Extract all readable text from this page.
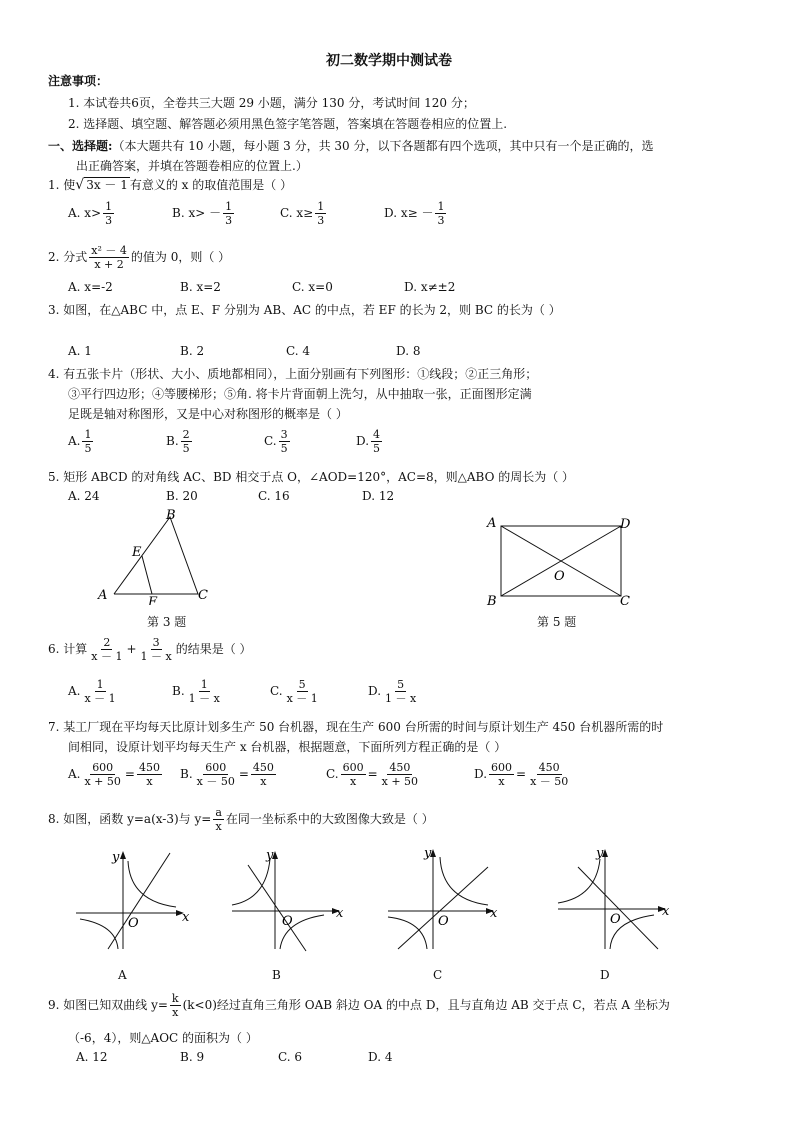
初二数学期中测试卷
注意事项：
1. 本试卷共6页，全卷共三大题 29 小题，满分 130 分，考试时间 120 分；
2. 选择题、填空题、解答题必须用黑色签字笔答题，答案填在答题卷相应的位置上.
一、选择题:（本大题共有 10 小题，每小题 3 分，共 30 分，以下各题都有四个选项，其中只有一个是正确的，选
出正确答案，并填在答题卷相应的位置上.）
1. 使√ 3x － 1 有意义的 x 的取值范围是（ ）
A. $x> \frac{1}{3}$	B. $x> - \frac{1}{3}$	C. $x\ge \frac{1}{3}$	D. $x\ge - \frac{1}{3}$
2. 分式 $\frac{\text{x² － 4}}{x + 2}$ 的值为 0，则（ ）
A. x=-2	B. x=2	C. x=0	D. x≠±2
3. 如图，在△ABC 中，点 E、F 分别为 AB、AC 的中点，若 EF 的长为 2，则 BC 的长为（ ）
A. 1	B. 2	C. 4	D. 8
4. 有五张卡片（形状、大小、质地都相同），上面分别画有下列图形：①线段；②正三角形；
③平行四边形；④等腰梯形；⑤角. 将卡片背面朝上洗匀，从中抽取一张，正面图形定满
足既是轴对称图形，又是中心对称图形的概率是（ ）
A. $\frac{1}{5}$	B. $\frac{2}{5}$	C. $\frac{3}{5}$	D. $\frac{4}{5}$
5. 矩形 ABCD 的对角线 AC、BD 相交于点 O，∠AOD=120°，AC=8，则△ABO 的周长为（ ）
A. 24	B. 20	C. 16	D. 12
A
B
C
E
F
第 3 题
A	D
B	C
O
第 5 题
6. 计算 $\frac{2}{x - 1} + \frac{3}{1 - x}$ 的结果是（ ）
A. $\frac{1}{x - 1}$	B. $\frac{1}{1 - x}$	C. $\frac{5}{x - 1}$	D. $\frac{5}{1 - x}$
7. 某工厂现在平均每天比原计划多生产 50 台机器，现在生产 600 台所需的时间与原计划生产 450 台机器所需的时
间相同，设原计划平均每天生产 x 台机器，根据题意，下面所列方程正确的是（ ）
A. $\frac{600}{x + 50} = \frac{450}{x} B$. $\frac{600}{x - 50} = \frac{450}{x}$	C. $\frac{600}{x} = \frac{450}{x + 50}$	D. $\frac{600}{x} = \frac{450}{x - 50}$
8. 如图，函数 y=a(x-3)与 $y= \frac{a}{x}$ 在同一坐标系中的大致图像大致是（ ）
y
x
O
y
x
O
y
x
O
y
x
O
A	B	C	D
9. 如图已知双曲线 $y= \frac{k}{x} (k<0)$经过直角三角形 OAB 斜边 OA 的中点 D，且与直角边 AB 交于点 C，若点 A 坐标为
（-6，4），则△AOC 的面积为（ ）
A. 12	B. 9	C. 6	D. 4
